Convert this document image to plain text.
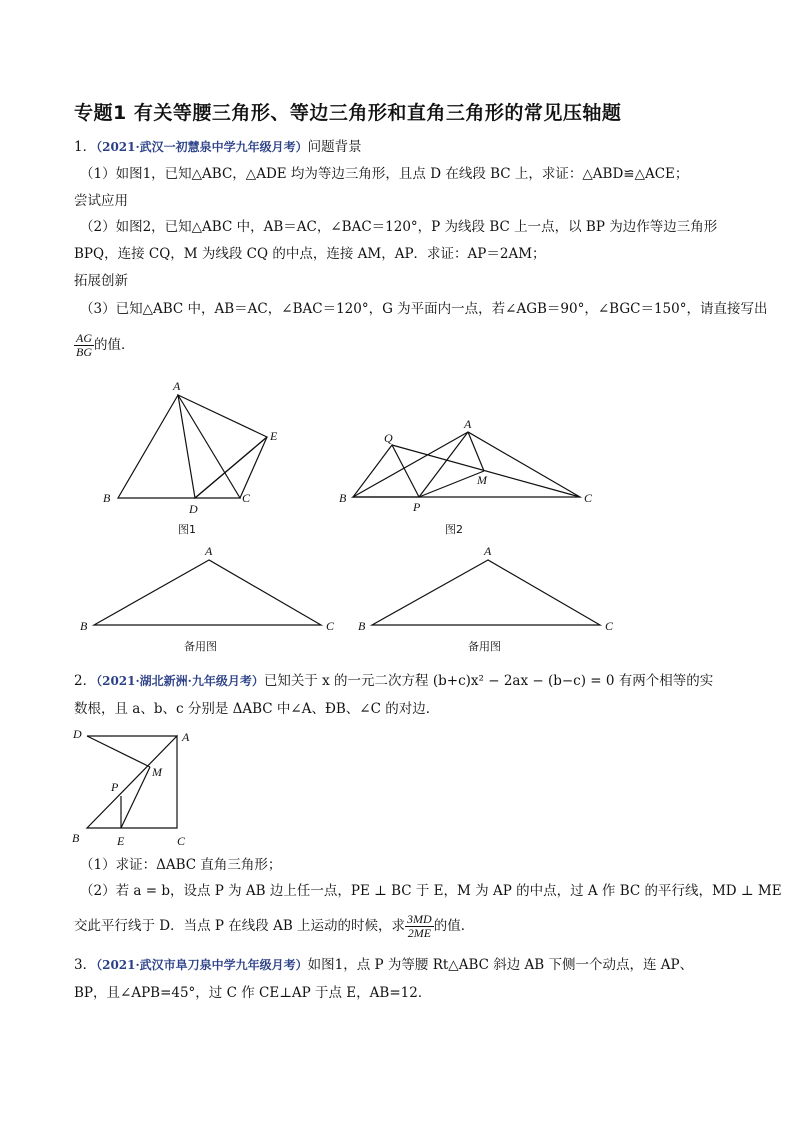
专题1 有关等腰三角形、等边三角形和直角三角形的常见压轴题
1．（2021·武汉一初慧泉中学九年级月考）问题背景
（1）如图1，已知△ABC，△ADE 均为等边三角形，且点 D 在线段 BC 上，求证：△ABD≌△ACE；
尝试应用
（2）如图2，已知△ABC 中，AB＝AC，∠BAC＝120°，P 为线段 BC 上一点，以 BP 为边作等边三角形
BPQ，连接 CQ，M 为线段 CQ 的中点，连接 AM，AP．求证：AP＝2AM；
拓展创新
（3）已知△ABC 中，AB＝AC，∠BAC＝120°，G 为平面内一点，若∠AGB＝90°，∠BGC＝150°，请直接写出
$\frac{AG}{BG}$ 的值．
A
B	C
D
E
图1
Q
A
B	C
P
M
图2
A
B	C
备用图
A
B	C
备用图
D	A
M
P
B	E	C
2．（2021·湖北新洲·九年级月考）已知关于 x 的一元二次方程 (b+c)x² − 2ax − (b−c) = 0 有两个相等的实
数根，且 a、b、c 分别是 ΔABC 中∠A、ÐB、∠C 的对边．
（1）求证：ΔABC 直角三角形；
（2）若 a = b，设点 P 为 AB 边上任一点，PE ⊥ BC 于 E，M 为 AP 的中点，过 A 作 BC 的平行线，MD ⊥ ME
交此平行线于 D．当点 P 在线段 AB 上运动的时候，求 $\frac{3MD}{2ME}$ 的值．
3．（2021·武汉市阜刀泉中学九年级月考）如图1，点 P 为等腰 Rt△ABC 斜边 AB 下侧一个动点，连 AP、
BP，且∠APB=45°，过 C 作 CE⊥AP 于点 E，AB=12．
